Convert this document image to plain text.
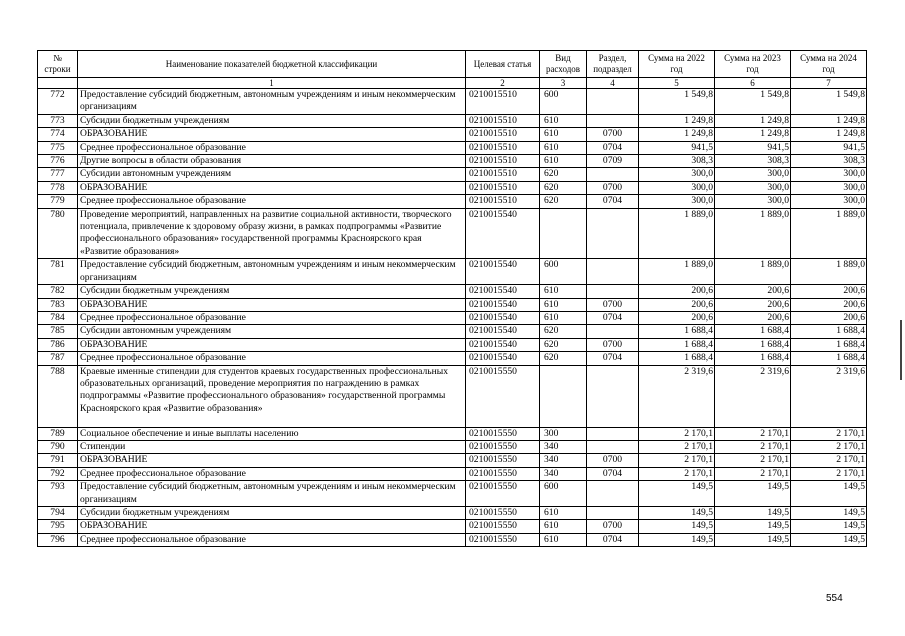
№ строки	Наименование показателей бюджетной классификации	Целевая статья	Вид расходов	Раздел, подраздел	Сумма на 2022 год	Сумма на 2023 год	Сумма на 2024 год
	1	2	3	4	5	6	7
772	Предоставление субсидий бюджетным, автономным учреждениям и иным некоммерческим организациям	0210015510	600		1 549,8	1 549,8	1 549,8
773	Субсидии бюджетным учреждениям	0210015510	610		1 249,8	1 249,8	1 249,8
774	ОБРАЗОВАНИЕ	0210015510	610	0700	1 249,8	1 249,8	1 249,8
775	Среднее профессиональное образование	0210015510	610	0704	941,5	941,5	941,5
776	Другие вопросы в области образования	0210015510	610	0709	308,3	308,3	308,3
777	Субсидии автономным учреждениям	0210015510	620		300,0	300,0	300,0
778	ОБРАЗОВАНИЕ	0210015510	620	0700	300,0	300,0	300,0
779	Среднее профессиональное образование	0210015510	620	0704	300,0	300,0	300,0
780	Проведение мероприятий, направленных на развитие социальной активности, творческого потенциала, привлечение к здоровому образу жизни, в рамках подпрограммы «Развитие профессионального образования» государственной программы Красноярского края «Развитие образования»	0210015540			1 889,0	1 889,0	1 889,0
781	Предоставление субсидий бюджетным, автономным учреждениям и иным некоммерческим организациям	0210015540	600		1 889,0	1 889,0	1 889,0
782	Субсидии бюджетным учреждениям	0210015540	610		200,6	200,6	200,6
783	ОБРАЗОВАНИЕ	0210015540	610	0700	200,6	200,6	200,6
784	Среднее профессиональное образование	0210015540	610	0704	200,6	200,6	200,6
785	Субсидии автономным учреждениям	0210015540	620		1 688,4	1 688,4	1 688,4
786	ОБРАЗОВАНИЕ	0210015540	620	0700	1 688,4	1 688,4	1 688,4
787	Среднее профессиональное образование	0210015540	620	0704	1 688,4	1 688,4	1 688,4
788	Краевые именные стипендии для студентов краевых государственных профессиональных образовательных организаций, проведение мероприятия по награждению в рамках подпрограммы «Развитие профессионального образования» государственной программы Красноярского края «Развитие образования»	0210015550			2 319,6	2 319,6	2 319,6
789	Социальное обеспечение и иные выплаты населению	0210015550	300		2 170,1	2 170,1	2 170,1
790	Стипендии	0210015550	340		2 170,1	2 170,1	2 170,1
791	ОБРАЗОВАНИЕ	0210015550	340	0700	2 170,1	2 170,1	2 170,1
792	Среднее профессиональное образование	0210015550	340	0704	2 170,1	2 170,1	2 170,1
793	Предоставление субсидий бюджетным, автономным учреждениям и иным некоммерческим организациям	0210015550	600		149,5	149,5	149,5
794	Субсидии бюджетным учреждениям	0210015550	610		149,5	149,5	149,5
795	ОБРАЗОВАНИЕ	0210015550	610	0700	149,5	149,5	149,5
796	Среднее профессиональное образование	0210015550	610	0704	149,5	149,5	149,5
554
